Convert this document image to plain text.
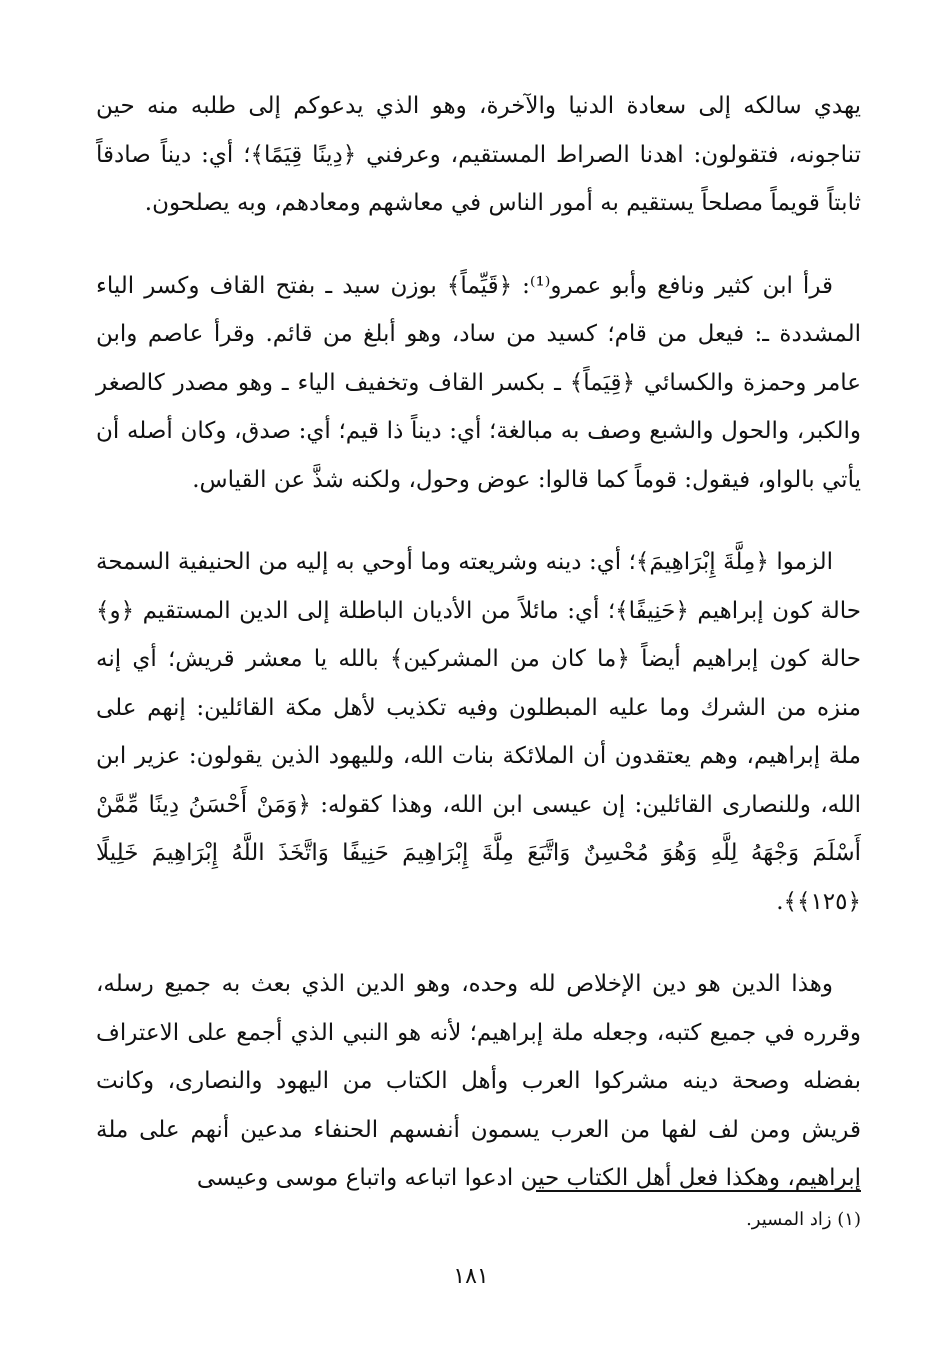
يهدي سالكه إلى سعادة الدنيا والآخرة، وهو الذي يدعوكم إلى طلبه منه حين تناجونه، فتقولون: اهدنا الصراط المستقيم، وعرفني ﴿دِينًا قِيَمًا﴾؛ أي: ديناً صادقاً ثابتاً قويماً مصلحاً يستقيم به أمور الناس في معاشهم ومعادهم، وبه يصلحون.

قرأ ابن كثير ونافع وأبو عمرو⁽¹⁾: ﴿قَيِّماً﴾ بوزن سيد ـ بفتح القاف وكسر الياء المشددة ـ: فيعل من قام؛ كسيد من ساد، وهو أبلغ من قائم. وقرأ عاصم وابن عامر وحمزة والكسائي ﴿قِيَماً﴾ ـ بكسر القاف وتخفيف الياء ـ وهو مصدر كالصغر والكبر، والحول والشبع وصف به مبالغة؛ أي: ديناً ذا قيم؛ أي: صدق، وكان أصله أن يأتي بالواو، فيقول: قوماً كما قالوا: عوض وحول، ولكنه شذَّ عن القياس.

الزموا ﴿مِلَّةَ إِبْرَاهِيمَ﴾؛ أي: دينه وشريعته وما أوحي به إليه من الحنيفية السمحة حالة كون إبراهيم ﴿حَنِيفًا﴾؛ أي: مائلاً من الأديان الباطلة إلى الدين المستقيم ﴿و﴾ حالة كون إبراهيم أيضاً ﴿ما كان من المشركين﴾ بالله يا معشر قريش؛ أي إنه منزه من الشرك وما عليه المبطلون وفيه تكذيب لأهل مكة القائلين: إنهم على ملة إبراهيم، وهم يعتقدون أن الملائكة بنات الله، ولليهود الذين يقولون: عزير ابن الله، وللنصارى القائلين: إن عيسى ابن الله، وهذا كقوله: ﴿وَمَنْ أَحْسَنُ دِينًا مِّمَّنْ أَسْلَمَ وَجْهَهُ لِلَّهِ وَهُوَ مُحْسِنٌ وَاتَّبَعَ مِلَّةَ إِبْرَاهِيمَ حَنِيفًا وَاتَّخَذَ اللَّهُ إِبْرَاهِيمَ خَلِيلًا ﴿١٢٥﴾﴾.

وهذا الدين هو دين الإخلاص لله وحده، وهو الدين الذي بعث به جميع رسله، وقرره في جميع كتبه، وجعله ملة إبراهيم؛ لأنه هو النبي الذي أجمع على الاعتراف بفضله وصحة دينه مشركوا العرب وأهل الكتاب من اليهود والنصارى، وكانت قريش ومن لف لفها من العرب يسمون أنفسهم الحنفاء مدعين أنهم على ملة إبراهيم، وهكذا فعل أهل الكتاب حين ادعوا اتباعه واتباع موسى وعيسى

(١) زاد المسير.
١٨١
